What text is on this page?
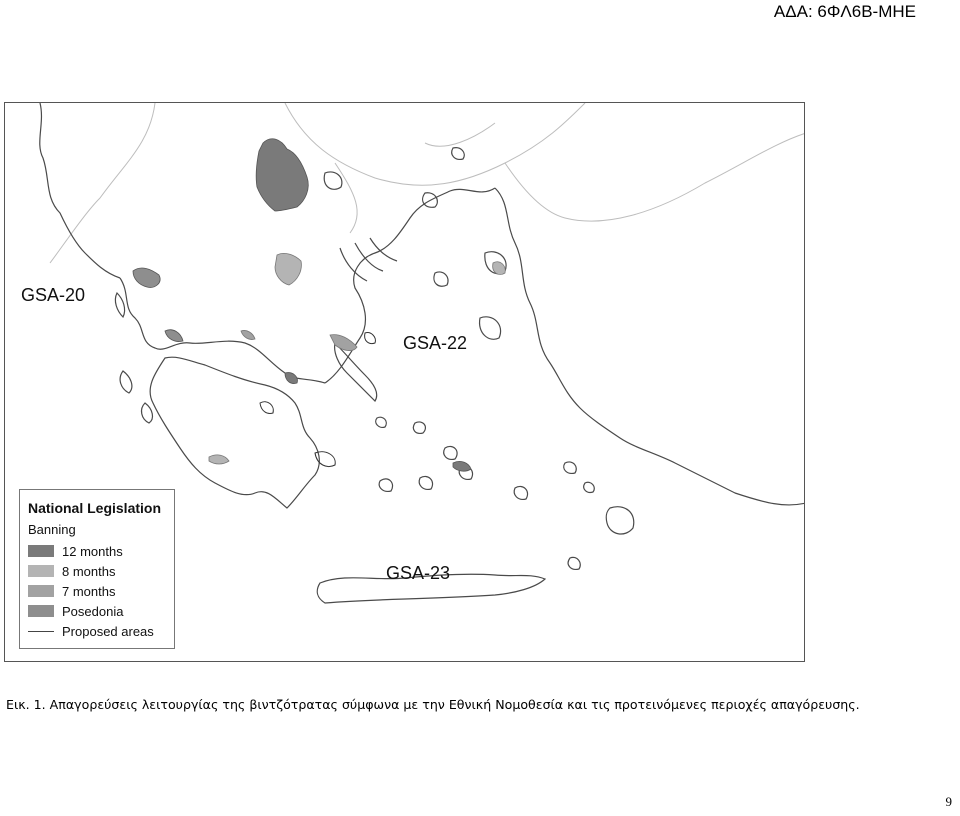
ΑΔΑ: 6ΦΛ6Β-ΜΗΕ
GSA-20
GSA-22
GSA-23
National Legislation
Banning
12 months
8 months
7 months
Posedonia
Proposed areas
Εικ. 1. Απαγορεύσεις λειτουργίας της βιντζότρατας σύμφωνα με την Εθνική Νομοθεσία και τις προτεινόμενες περιοχές απαγόρευσης.
9
